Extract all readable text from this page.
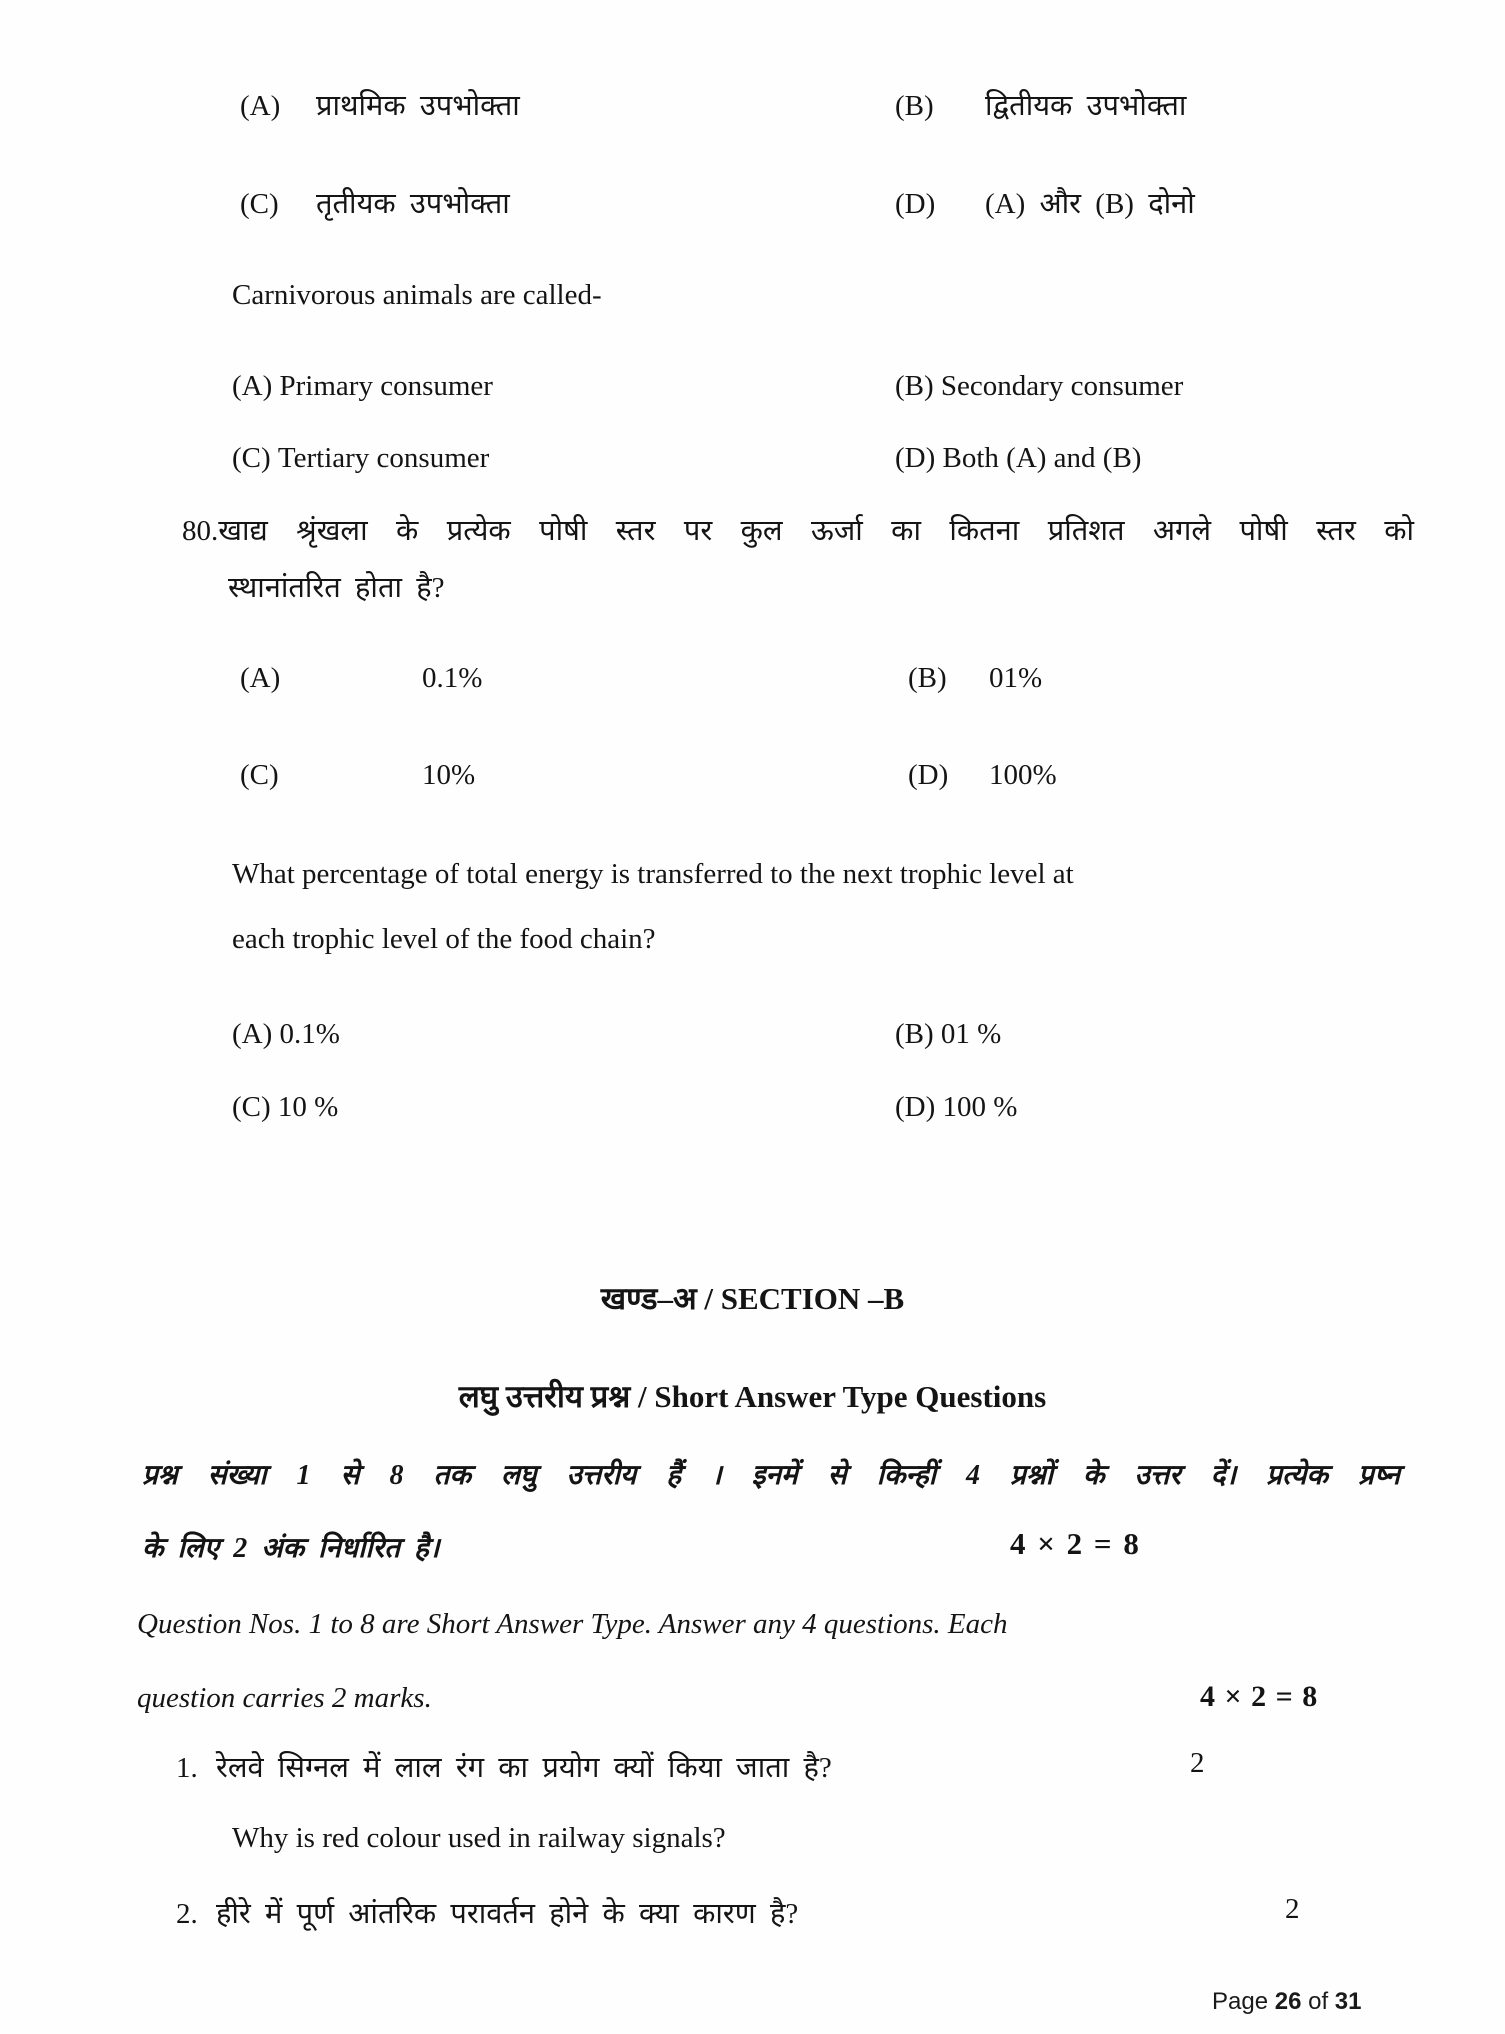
(A) प्राथमिक उपभोक्ता	(B) द्वितीयक उपभोक्ता
(C) तृतीयक उपभोक्ता	(D) (A) और (B) दोनो
Carnivorous animals are called-
(A) Primary consumer	(B) Secondary consumer
(C) Tertiary consumer	(D) Both (A) and (B)
80.खाद्य श्रृंखला के प्रत्येक पोषी स्तर पर कुल ऊर्जा का कितना प्रतिशत अगले पोषी स्तर को
स्थानांतरित होता है?
(A)	0.1%	(B) 01%
(C)	10%	(D) 100%
What percentage of total energy is transferred to the next trophic level at
each trophic level of the food chain?
(A) 0.1%	(B) 01 %
(C) 10 %	(D) 100 %
खण्ड–अ / SECTION –B
लघु उत्तरीय प्रश्न / Short Answer Type Questions
प्रश्न संख्या 1 से 8 तक लघु उत्तरीय हैं । इनमें से किन्हीं 4 प्रश्नों के उत्तर दें। प्रत्येक प्रष्न
के लिए 2 अंक निर्धारित है।	4 × 2 = 8
Question Nos. 1 to 8 are Short Answer Type. Answer any 4 questions. Each
question carries 2 marks.	4 × 2 = 8
1. रेलवे सिग्नल में लाल रंग का प्रयोग क्यों किया जाता है?	2
Why is red colour used in railway signals?
2. हीरे में पूर्ण आंतरिक परावर्तन होने के क्या कारण है?	2
Page 26 of 31
